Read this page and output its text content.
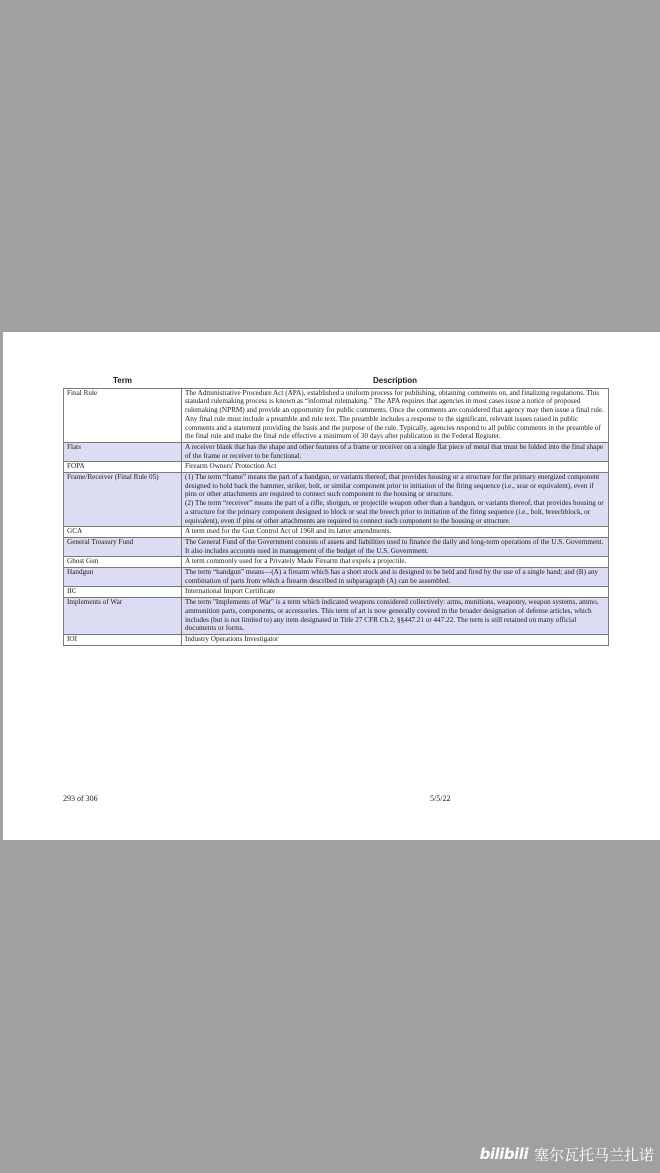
Term	Description
Final Rule	The Administrative Procedure Act (APA), established a uniform process for publishing, obtaining comments on, and finalizing regulations. This standard rulemaking process is known as “informal rulemaking.” The APA requires that agencies in most cases issue a notice of proposed rulemaking (NPRM) and provide an opportunity for public comments. Once the comments are considered that agency may then issue a final rule. Any final rule must include a preamble and rule text. The preamble includes a response to the significant, relevant issues raised in public comments and a statement providing the basis and the purpose of the rule. Typically, agencies respond to all public comments in the preamble of the final rule and make the final rule effective a minimum of 30 days after publication in the Federal Register.

Flats	A receiver blank that has the shape and other features of a frame or receiver on a single flat piece of metal that must be folded into the final shape of the frame or receiver to be functional.

FOPA	Firearm Owners' Protection Act

Frame/Receiver (Final Rule 05)	(1) The term “frame” means the part of a handgun, or variants thereof, that provides housing or a structure for the primary energized component designed to hold back the hammer, striker, bolt, or similar component prior to initiation of the firing sequence (i.e., sear or equivalent), even if pins or other attachments are required to connect such component to the housing or structure.

(2) The term “receiver” means the part of a rifle, shotgun, or projectile weapon other than a handgun, or variants thereof, that provides housing or a structure for the primary component designed to block or seal the breech prior to initiation of the firing sequence (i.e., bolt, breechblock, or equivalent), even if pins or other attachments are required to connect such component to the housing or structure.

GCA	A term used for the Gun Control Act of 1968 and its latter amendments.

General Treasury Fund	The General Fund of the Government consists of assets and liabilities used to finance the daily and long-term operations of the U.S. Government. It also includes accounts used in management of the budget of the U.S. Government.

Ghost Gun	A term commonly used for a Privately Made Firearm that expels a projectile.

Handgun	The term “handgun” means—(A) a firearm which has a short stock and is designed to be held and fired by the use of a single hand; and (B) any combination of parts from which a firearm described in subparagraph (A) can be assembled.

IIC	International Import Certificate

Implements of War	The term "Implements of War" is a term which indicated weapons considered collectively: arms, munitions, weaponry, weapon systems, ammo, ammunition parts, components, or accessories. This term of art is now generally covered in the broader designation of defense articles, which includes (but is not limited to) any item designated in Title 27 CFR Ch.2, §§447.21 or 447.22. The term is still retained on many official documents or forms.

IOI	Industry Operations Investigator

293 of 306	5/5/22
bilibili 塞尔瓦托马兰扎诺
